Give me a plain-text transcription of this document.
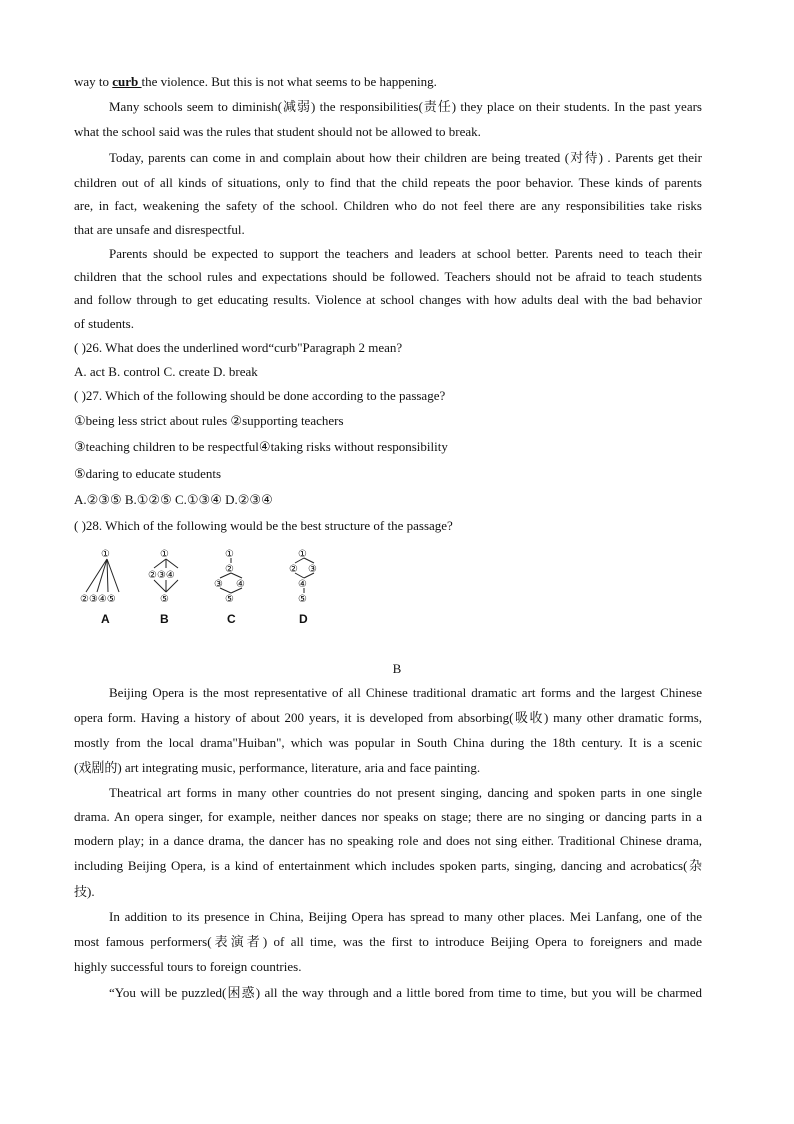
way to curb the violence. But this is not what seems to be happening.
Many schools seem to diminish(减弱) the responsibilities(责任) they place on their students. In the past years
what the school said was the rules that student should not be allowed to break.
Today, parents can come in and complain about how their children are being treated (对待) . Parents get their
children out of all kinds of situations, only to find that the child repeats the poor behavior. These kinds of parents
are, in fact, weakening the safety of the school. Children who do not feel there are any responsibilities take risks
that are unsafe and disrespectful.
Parents should be expected to support the teachers and leaders at school better. Parents need to teach their
children that the school rules and expectations should be followed. Teachers should not be afraid to teach students
and follow through to get educating results. Violence at school changes with how adults deal with the bad behavior
of students.
( )26. What does the underlined word“curb"Paragraph 2 mean?
A. act B. control C. create D. break
( )27. Which of the following should be done according to the passage?
①being less strict about rules ②supporting teachers
③teaching children to be respectful④taking risks without responsibility
⑤daring to educate students
A.②③⑤ B.①②⑤ C.①③④ D.②③④
( )28. Which of the following would be the best structure of the passage?
①
②③④⑤
①
②③④
⑤
①
②
③ ④
⑤
①
② ③
④
⑤
A	B	C	D
B
Beijing Opera is the most representative of all Chinese traditional dramatic art forms and the largest Chinese
opera form. Having a history of about 200 years, it is developed from absorbing(吸收) many other dramatic forms,
mostly from the local drama"Huiban", which was popular in South China during the 18th century. It is a scenic
(戏剧的) art integrating music, performance, literature, aria and face painting.
Theatrical art forms in many other countries do not present singing, dancing and spoken parts in one single
drama. An opera singer, for example, neither dances nor speaks on stage; there are no singing or dancing parts in a
modern play; in a dance drama, the dancer has no speaking role and does not sing either. Traditional Chinese drama,
including Beijing Opera, is a kind of entertainment which includes spoken parts, singing, dancing and acrobatics(杂
技).
In addition to its presence in China, Beijing Opera has spread to many other places. Mei Lanfang, one of the
most famous performers(表演者) of all time, was the first to introduce Beijing Opera to foreigners and made
highly successful tours to foreign countries.
“You will be puzzled(困惑) all the way through and a little bored from time to time, but you will be charmed
